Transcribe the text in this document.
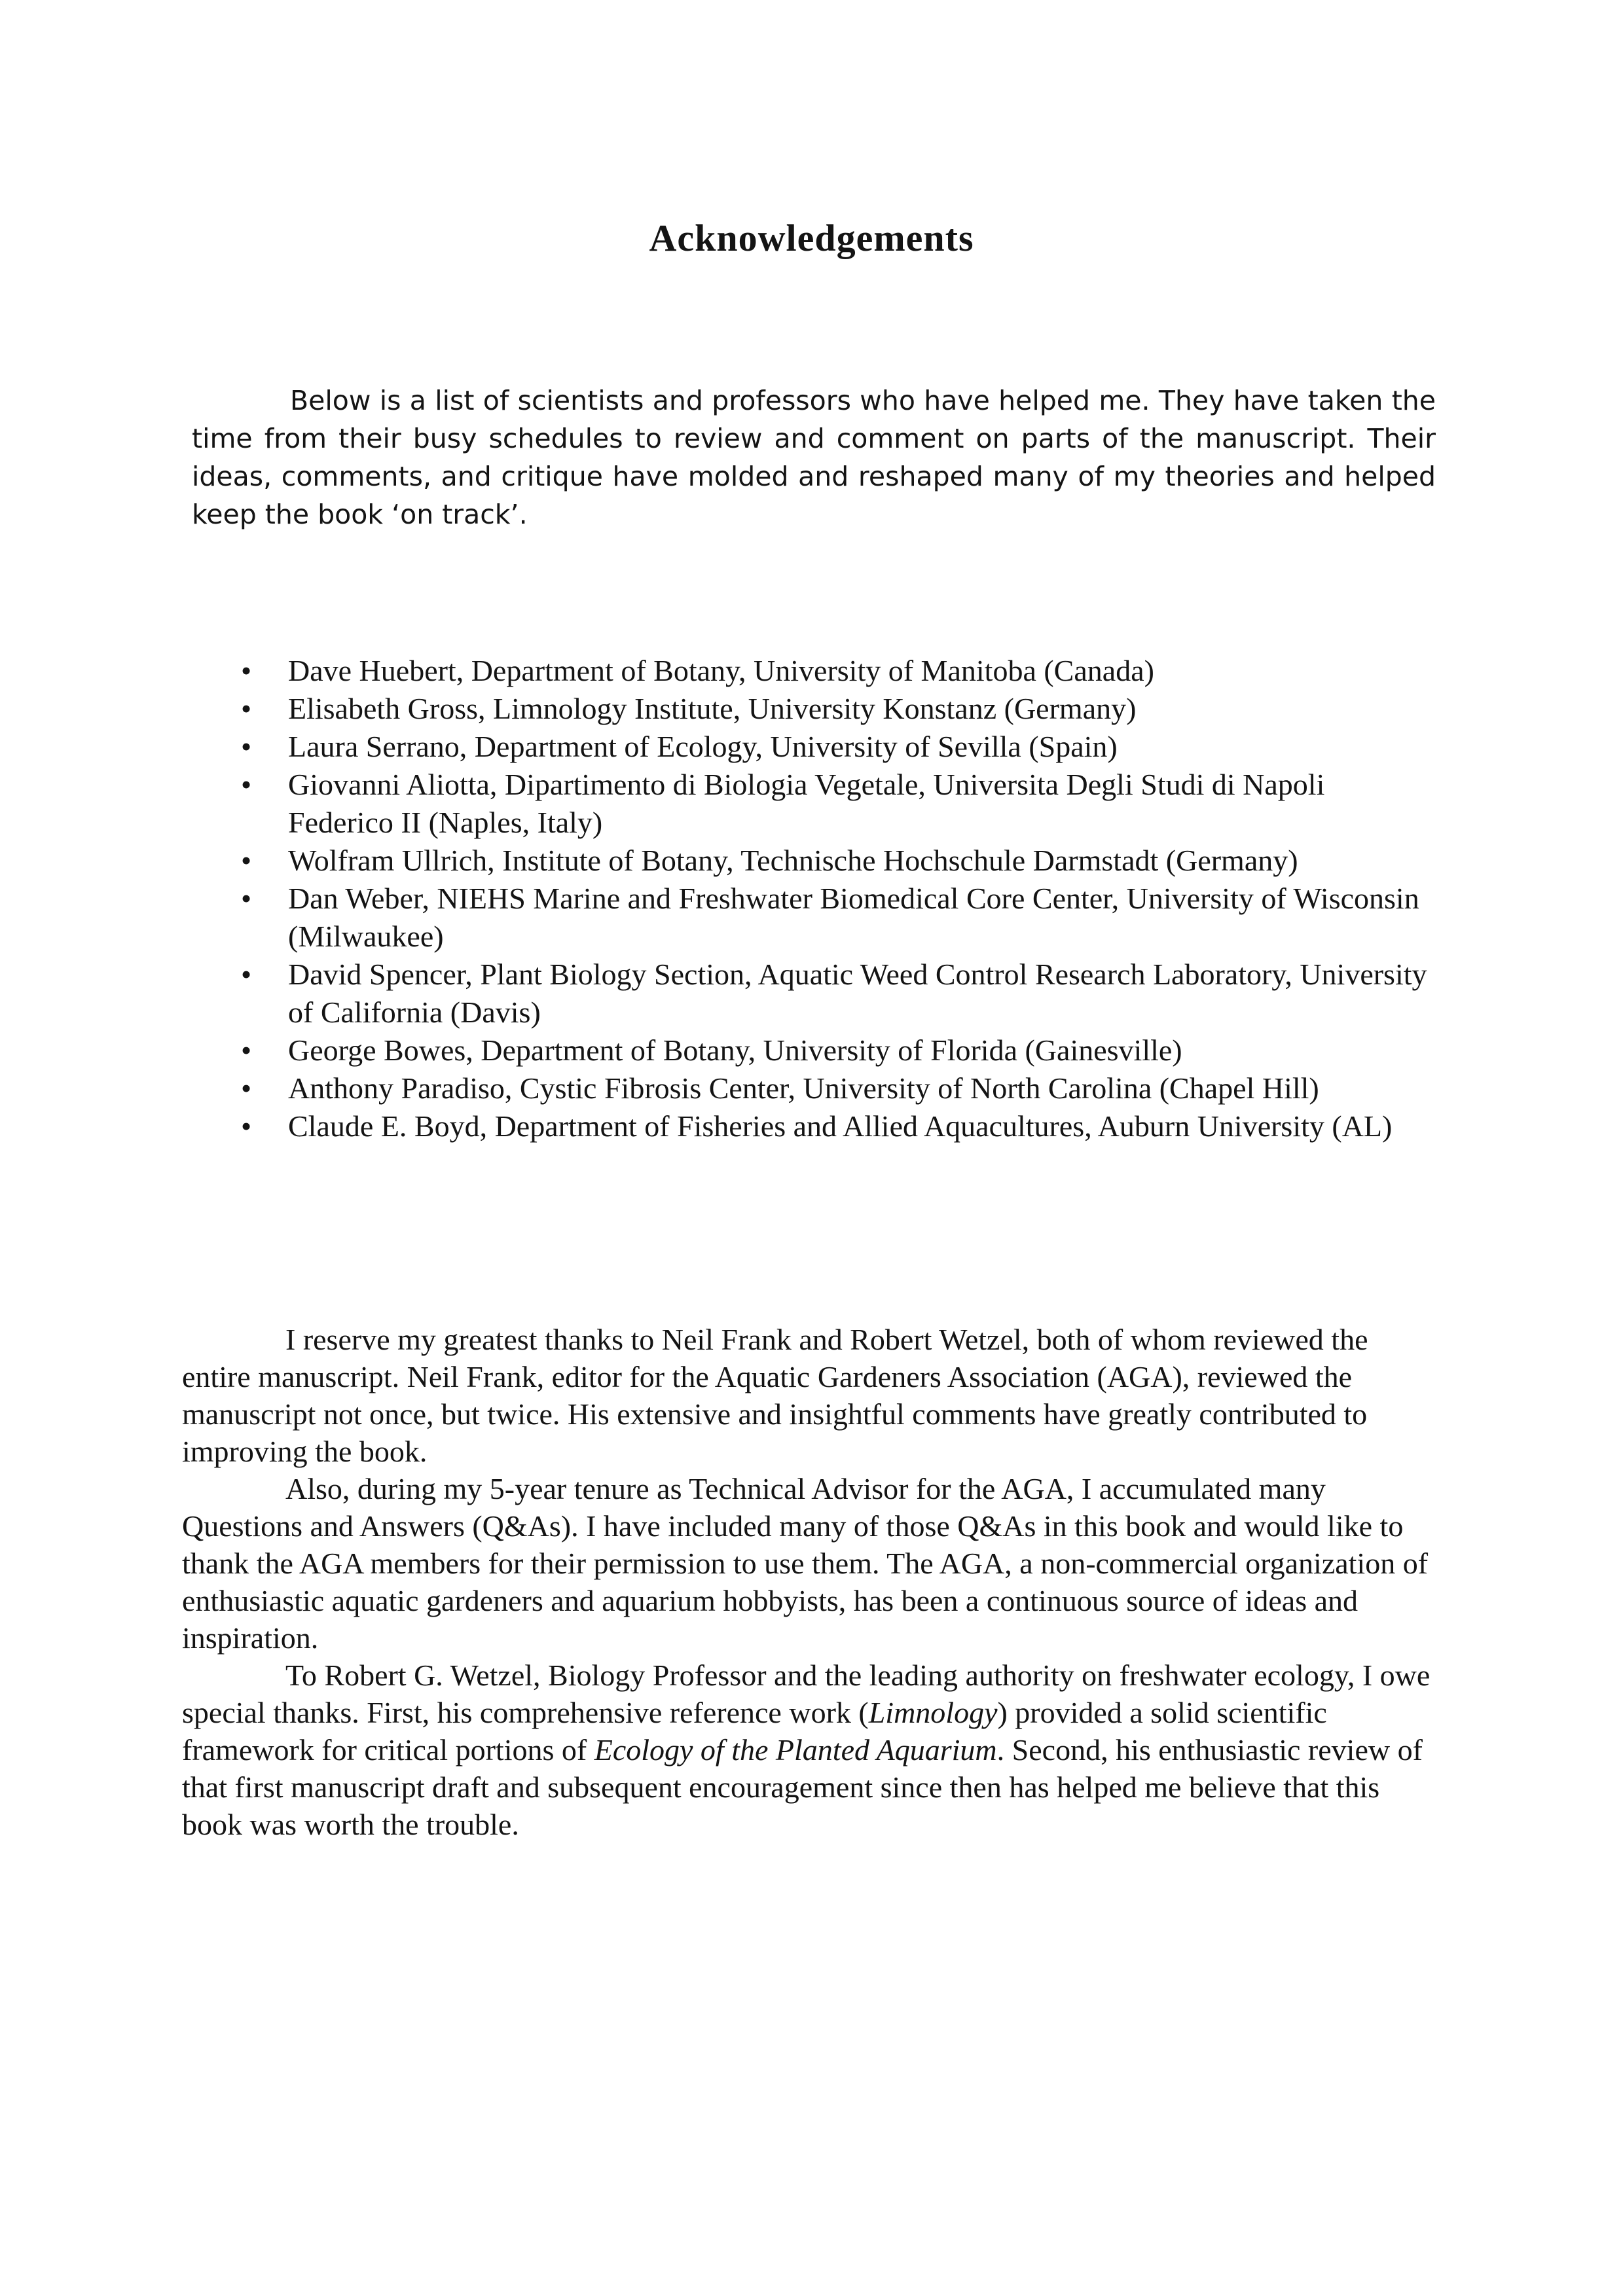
Acknowledgements

Below is a list of scientists and professors who have helped me. They have taken the time from their busy schedules to review and comment on parts of the manuscript. Their ideas, comments, and critique have molded and reshaped many of my theories and helped keep the book ‘on track’.

•	Dave Huebert, Department of Botany, University of Manitoba (Canada)
•	Elisabeth Gross, Limnology Institute, University Konstanz (Germany)
•	Laura Serrano, Department of Ecology, University of Sevilla (Spain)
•	Giovanni Aliotta, Dipartimento di Biologia Vegetale, Universita Degli Studi di Napoli Federico II (Naples, Italy)
•	Wolfram Ullrich, Institute of Botany, Technische Hochschule Darmstadt (Germany)
•	Dan Weber, NIEHS Marine and Freshwater Biomedical Core Center, University of Wisconsin (Milwaukee)
•	David Spencer, Plant Biology Section, Aquatic Weed Control Research Laboratory, University of California (Davis)
•	George Bowes, Department of Botany, University of Florida (Gainesville)
•	Anthony Paradiso, Cystic Fibrosis Center, University of North Carolina (Chapel Hill)
•	Claude E. Boyd, Department of Fisheries and Allied Aquacultures, Auburn University (AL)

I reserve my greatest thanks to Neil Frank and Robert Wetzel, both of whom reviewed the entire manuscript. Neil Frank, editor for the Aquatic Gardeners Association (AGA), reviewed the manuscript not once, but twice. His extensive and insightful comments have greatly contributed to improving the book.

Also, during my 5-year tenure as Technical Advisor for the AGA, I accumulated many Questions and Answers (Q&As). I have included many of those Q&As in this book and would like to thank the AGA members for their permission to use them. The AGA, a non-commercial organization of enthusiastic aquatic gardeners and aquarium hobbyists, has been a continuous source of ideas and inspiration.

To Robert G. Wetzel, Biology Professor and the leading authority on freshwater ecology, I owe special thanks. First, his comprehensive reference work (Limnology) provided a solid scientific framework for critical portions of Ecology of the Planted Aquarium. Second, his enthusiastic review of that first manuscript draft and subsequent encouragement since then has helped me believe that this book was worth the trouble.
